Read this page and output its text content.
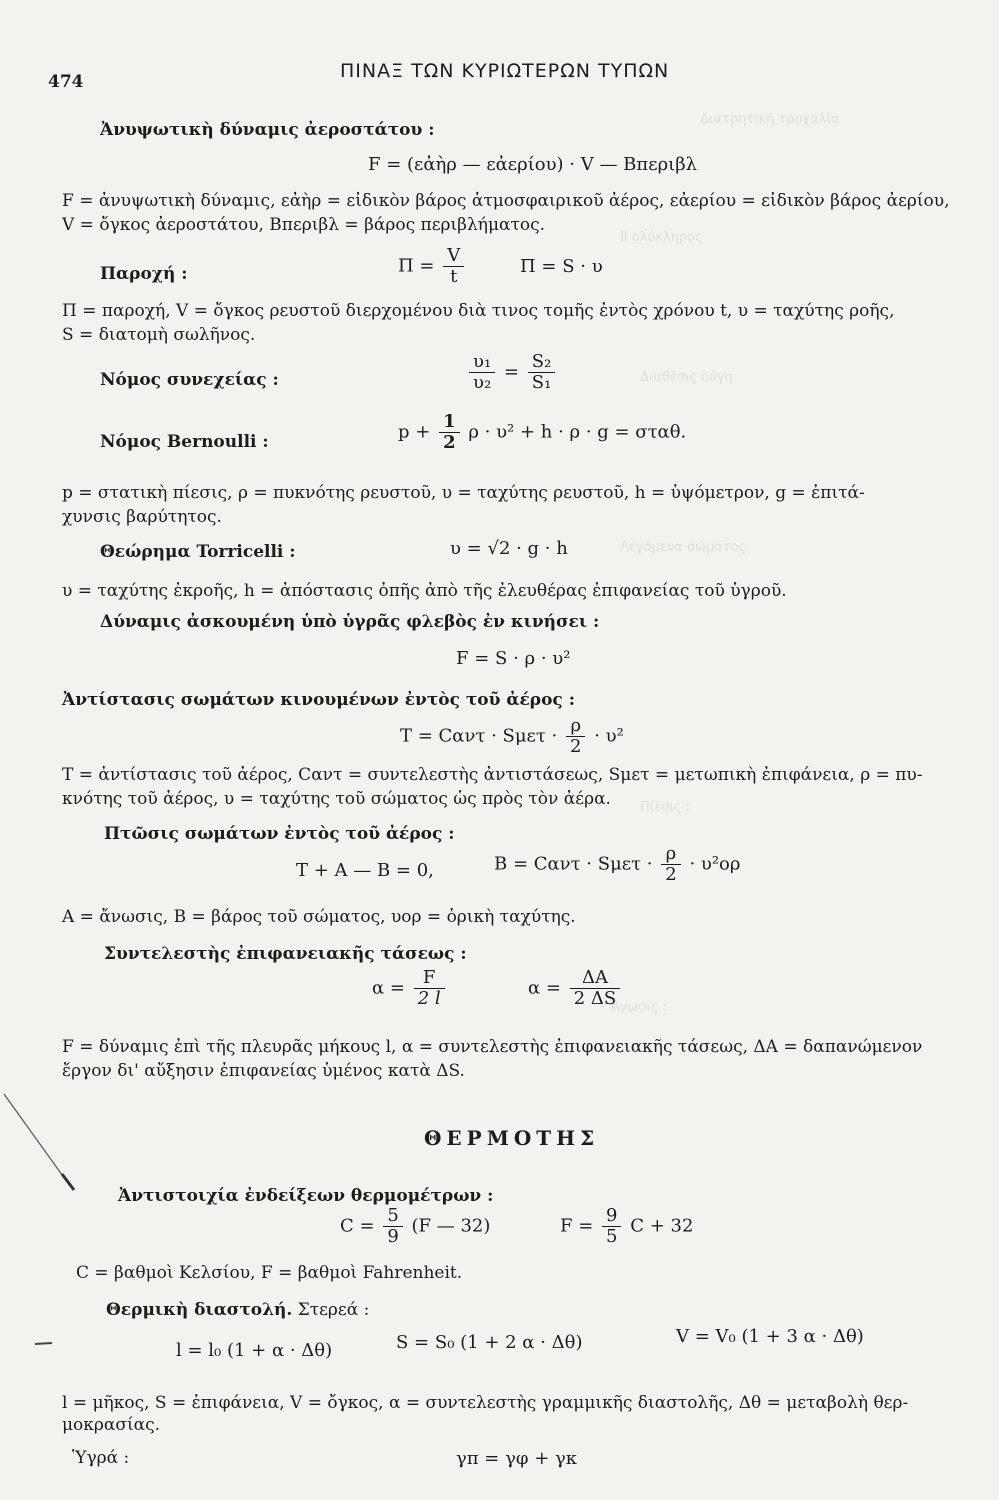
Διατρητικὴ τροχαλία
ΙΙ ολόκληρος
Διαθέσις ούγη
Λεγόμενα σώματος
Πίεσις :
Ἄνωσις :
474	ΠΙΝΑΞ ΤΩΝ ΚΥΡΙΩΤΕΡΩΝ ΤΥΠΩΝ
Ἀνυψωτικὴ δύναμις ἀεροστάτου :
F = (εἀὴρ — εἀερίου) · V — Bπεριβλ
F = ἀνυψωτικὴ δύναμις, εἀὴρ = εἰδικὸν βάρος ἀτμοσφαιρικοῦ ἀέρος, εἀερίου = εἰδικὸν βάρος ἀερίου,
V = ὄγκος ἀεροστάτου, Bπεριβλ = βάρος περιβλήματος.
Παροχή :	$\Pi = \frac{V}{t}$	Π = S · υ
Π = παροχή, V = ὄγκος ρευστοῦ διερχομένου διὰ τινος τομῆς ἐντὸς χρόνου t, υ = ταχύτης ροῆς,
S = διατομὴ σωλῆνος.
Νόμος συνεχείας :	$\frac{\text{υ₁}}{\text{υ₂}} = \frac{\text{S₂}}{\text{S₁}}$
Νόμος Bernoulli :	$p + \frac{1}{2}$ ρ · υ² + h · ρ · g = σταθ.
p = στατικὴ πίεσις, ρ = πυκνότης ρευστοῦ, υ = ταχύτης ρευστοῦ, h = ὑψόμετρον, g = ἐπιτά-
χυνσις βαρύτητος.
Θεώρημα Torricelli :	υ = √2 · g · h
υ = ταχύτης ἐκροῆς, h = ἀπόστασις ὀπῆς ἀπὸ τῆς ἐλευθέρας ἐπιφανείας τοῦ ὑγροῦ.
Δύναμις ἀσκουμένη ὑπὸ ὑγρᾶς φλεβὸς ἐν κινήσει :
F = S · ρ · υ²
Ἀντίστασις σωμάτων κινουμένων ἐντὸς τοῦ ἀέρος :
$T = C\alpha\nu\tau \cdot S\mu\varepsilon\tau \cdot \frac{\rho}{2} \cdot \upsilon^2$
T = ἀντίστασις τοῦ ἀέρος, Cαντ = συντελεστὴς ἀντιστάσεως, Sμετ = μετωπικὴ ἐπιφάνεια, ρ = πυ-
κνότης τοῦ ἀέρος, υ = ταχύτης τοῦ σώματος ὡς πρὸς τὸν ἀέρα.
Πτῶσις σωμάτων ἐντὸς τοῦ ἀέρος :
T + A — B = 0,	$B = C\alpha\nu\tau \cdot S\mu\varepsilon\tau \cdot \frac{\rho}{2} \cdot \upsilon^2o\rho$
A = ἄνωσις, B = βάρος τοῦ σώματος, υορ = ὁρικὴ ταχύτης.
Συντελεστὴς ἐπιφανειακῆς τάσεως :
$\alpha = \frac{F}{2 l}$	$\alpha = \frac{\Delta A}{2 \Delta S}$
F = δύναμις ἐπὶ τῆς πλευρᾶς μήκους l, α = συντελεστὴς ἐπιφανειακῆς τάσεως, ΔA = δαπανώμενον
ἔργον δι' αὔξησιν ἐπιφανείας ὑμένος κατὰ ΔS.
ΘΕΡΜΟΤΗΣ
Ἀντιστοιχία ἐνδείξεων θερμομέτρων :
$C = \frac{5}{9} (F$ — 32)	$F = \frac{9}{5}$ C + 32
C = βαθμοὶ Κελσίου, F = βαθμοὶ Fahrenheit.
Θερμικὴ διαστολή. Στερεά :
l = l₀ (1 + α · Δθ)	S = S₀ (1 + 2 α · Δθ)	V = V₀ (1 + 3 α · Δθ)
l = μῆκος, S = ἐπιφάνεια, V = ὄγκος, α = συντελεστὴς γραμμικῆς διαστολῆς, Δθ = μεταβολὴ θερ-
μοκρασίας.
Ὑγρά :	γπ = γφ + γκ
